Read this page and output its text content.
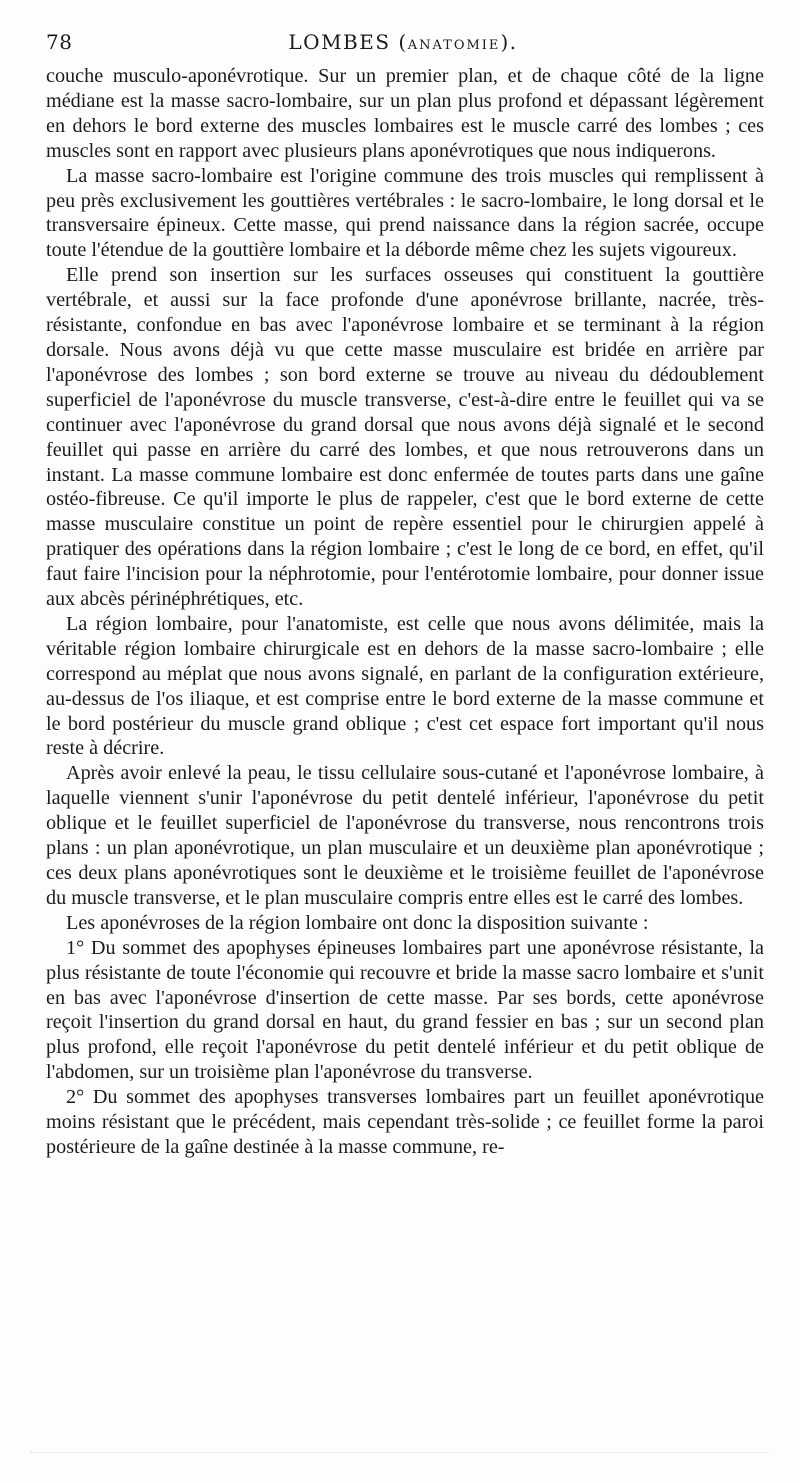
78	LOMBES (ANATOMIE).

couche musculo-aponévrotique. Sur un premier plan, et de chaque côté de la ligne médiane est la masse sacro-lombaire, sur un plan plus profond et dépassant légèrement en dehors le bord externe des muscles lombaires est le muscle carré des lombes ; ces muscles sont en rapport avec plusieurs plans aponévrotiques que nous indiquerons.

La masse sacro-lombaire est l'origine commune des trois muscles qui remplissent à peu près exclusivement les gouttières vertébrales : le sacro-lombaire, le long dorsal et le transversaire épineux. Cette masse, qui prend naissance dans la région sacrée, occupe toute l'étendue de la gouttière lombaire et la déborde même chez les sujets vigoureux.

Elle prend son insertion sur les surfaces osseuses qui constituent la gouttière vertébrale, et aussi sur la face profonde d'une aponévrose brillante, nacrée, très-résistante, confondue en bas avec l'aponévrose lombaire et se terminant à la région dorsale. Nous avons déjà vu que cette masse musculaire est bridée en arrière par l'aponévrose des lombes ; son bord externe se trouve au niveau du dédoublement superficiel de l'aponévrose du muscle transverse, c'est-à-dire entre le feuillet qui va se continuer avec l'aponévrose du grand dorsal que nous avons déjà signalé et le second feuillet qui passe en arrière du carré des lombes, et que nous retrouverons dans un instant. La masse commune lombaire est donc enfermée de toutes parts dans une gaîne ostéo-fibreuse. Ce qu'il importe le plus de rappeler, c'est que le bord externe de cette masse musculaire constitue un point de repère essentiel pour le chirurgien appelé à pratiquer des opérations dans la région lombaire ; c'est le long de ce bord, en effet, qu'il faut faire l'incision pour la néphrotomie, pour l'entérotomie lombaire, pour donner issue aux abcès périnéphrétiques, etc.

La région lombaire, pour l'anatomiste, est celle que nous avons délimitée, mais la véritable région lombaire chirurgicale est en dehors de la masse sacro-lombaire ; elle correspond au méplat que nous avons signalé, en parlant de la configuration extérieure, au-dessus de l'os iliaque, et est comprise entre le bord externe de la masse commune et le bord postérieur du muscle grand oblique ; c'est cet espace fort important qu'il nous reste à décrire.

Après avoir enlevé la peau, le tissu cellulaire sous-cutané et l'aponévrose lombaire, à laquelle viennent s'unir l'aponévrose du petit dentelé inférieur, l'aponévrose du petit oblique et le feuillet superficiel de l'aponévrose du transverse, nous rencontrons trois plans : un plan aponévrotique, un plan musculaire et un deuxième plan aponévrotique ; ces deux plans aponévrotiques sont le deuxième et le troisième feuillet de l'aponévrose du muscle transverse, et le plan musculaire compris entre elles est le carré des lombes.

Les aponévroses de la région lombaire ont donc la disposition suivante :

1° Du sommet des apophyses épineuses lombaires part une aponévrose résistante, la plus résistante de toute l'économie qui recouvre et bride la masse sacro lombaire et s'unit en bas avec l'aponévrose d'insertion de cette masse. Par ses bords, cette aponévrose reçoit l'insertion du grand dorsal en haut, du grand fessier en bas ; sur un second plan plus profond, elle reçoit l'aponévrose du petit dentelé inférieur et du petit oblique de l'abdomen, sur un troisième plan l'aponévrose du transverse.

2° Du sommet des apophyses transverses lombaires part un feuillet aponévrotique moins résistant que le précédent, mais cependant très-solide ; ce feuillet forme la paroi postérieure de la gaîne destinée à la masse commune, re-
